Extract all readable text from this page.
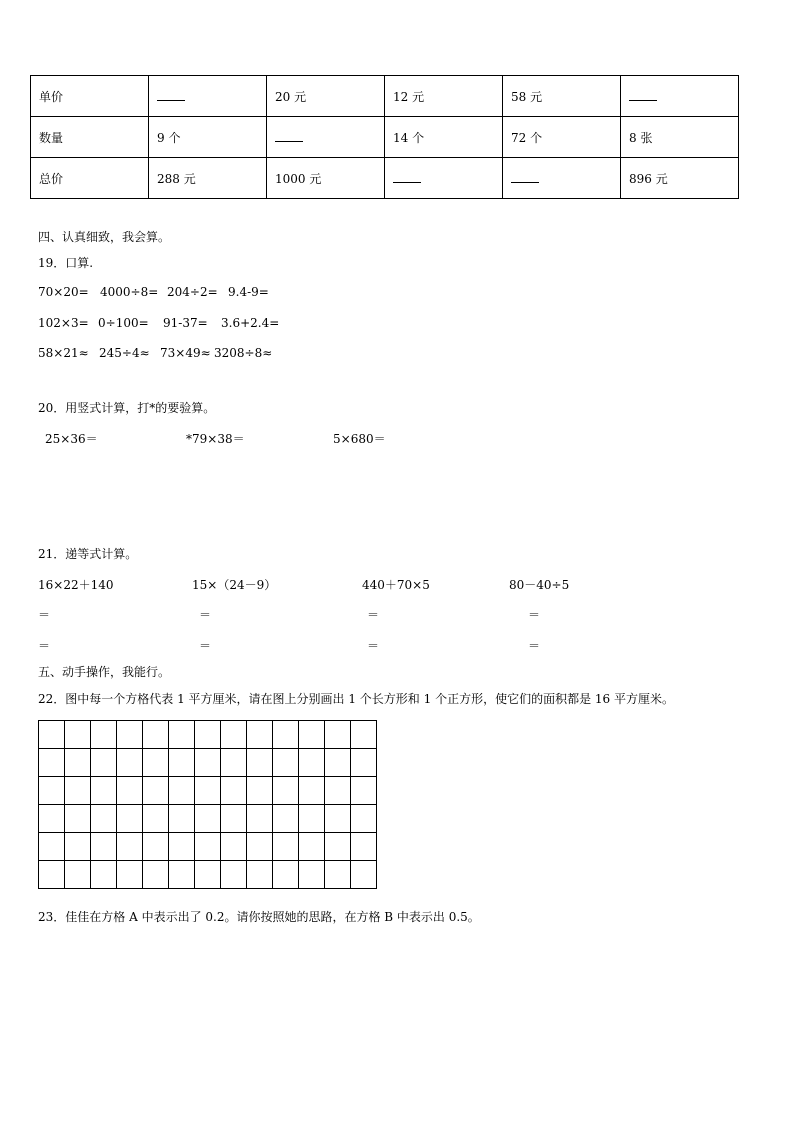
单价		20 元	12 元	58 元	
数量	9 个		14 个	72 个	8 张
总价	288 元	1000 元			896 元
四、认真细致，我会算。
19．口算.
70×20= 4000÷8= 204÷2= 9.4-9=
102×3= 0÷100= 91-37= 3.6+2.4=
58×21≈ 245÷4≈ 73×49≈ 3208÷8≈
20．用竖式计算，打*的要验算。
25×36＝	*79×38＝	5×680＝
21．递等式计算。
16×22＋140	15×（24－9）	440＋70×5	80－40÷5
＝	＝	＝	＝
＝	＝	＝	＝
五、动手操作，我能行。
22．图中每一个方格代表 1 平方厘米，请在图上分别画出 1 个长方形和 1 个正方形，使它们的面积都是 16 平方厘米。
23．佳佳在方格 A 中表示出了 0.2。请你按照她的思路，在方格 B 中表示出 0.5。
